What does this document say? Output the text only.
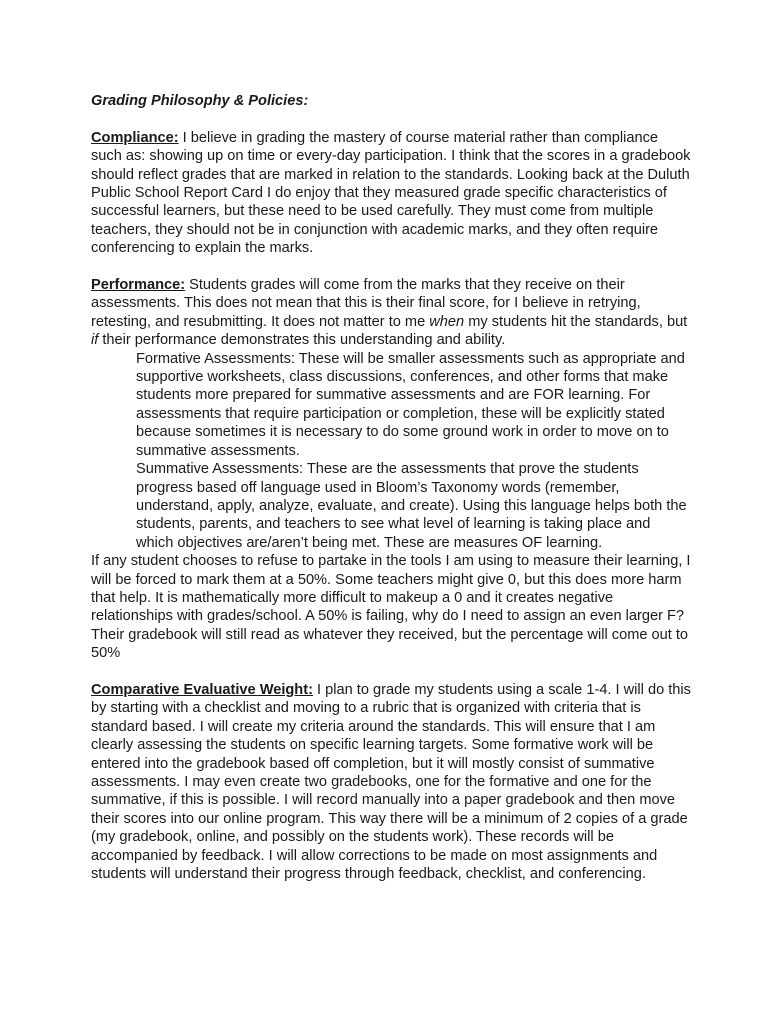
Grading Philosophy & Policies:

Compliance: I believe in grading the mastery of course material rather than compliance such as: showing up on time or every-day participation. I think that the scores in a gradebook should reflect grades that are marked in relation to the standards. Looking back at the Duluth Public School Report Card I do enjoy that they measured grade specific characteristics of successful learners, but these need to be used carefully. They must come from multiple teachers, they should not be in conjunction with academic marks, and they often require conferencing to explain the marks.

Performance: Students grades will come from the marks that they receive on their assessments. This does not mean that this is their final score, for I believe in retrying, retesting, and resubmitting. It does not matter to me when my students hit the standards, but if their performance demonstrates this understanding and ability.

Formative Assessments: These will be smaller assessments such as appropriate and supportive worksheets, class discussions, conferences, and other forms that make students more prepared for summative assessments and are FOR learning. For assessments that require participation or completion, these will be explicitly stated because sometimes it is necessary to do some ground work in order to move on to summative assessments.

Summative Assessments: These are the assessments that prove the students progress based off language used in Bloom’s Taxonomy words (remember, understand, apply, analyze, evaluate, and create). Using this language helps both the students, parents, and teachers to see what level of learning is taking place and which objectives are/aren’t being met. These are measures OF learning.

If any student chooses to refuse to partake in the tools I am using to measure their learning, I will be forced to mark them at a 50%. Some teachers might give 0, but this does more harm that help. It is mathematically more difficult to makeup a 0 and it creates negative relationships with grades/school. A 50% is failing, why do I need to assign an even larger F? Their gradebook will still read as whatever they received, but the percentage will come out to 50%

Comparative Evaluative Weight: I plan to grade my students using a scale 1-4. I will do this by starting with a checklist and moving to a rubric that is organized with criteria that is standard based. I will create my criteria around the standards. This will ensure that I am clearly assessing the students on specific learning targets. Some formative work will be entered into the gradebook based off completion, but it will mostly consist of summative assessments. I may even create two gradebooks, one for the formative and one for the summative, if this is possible. I will record manually into a paper gradebook and then move their scores into our online program. This way there will be a minimum of 2 copies of a grade (my gradebook, online, and possibly on the students work). These records will be accompanied by feedback. I will allow corrections to be made on most assignments and students will understand their progress through feedback, checklist, and conferencing.
